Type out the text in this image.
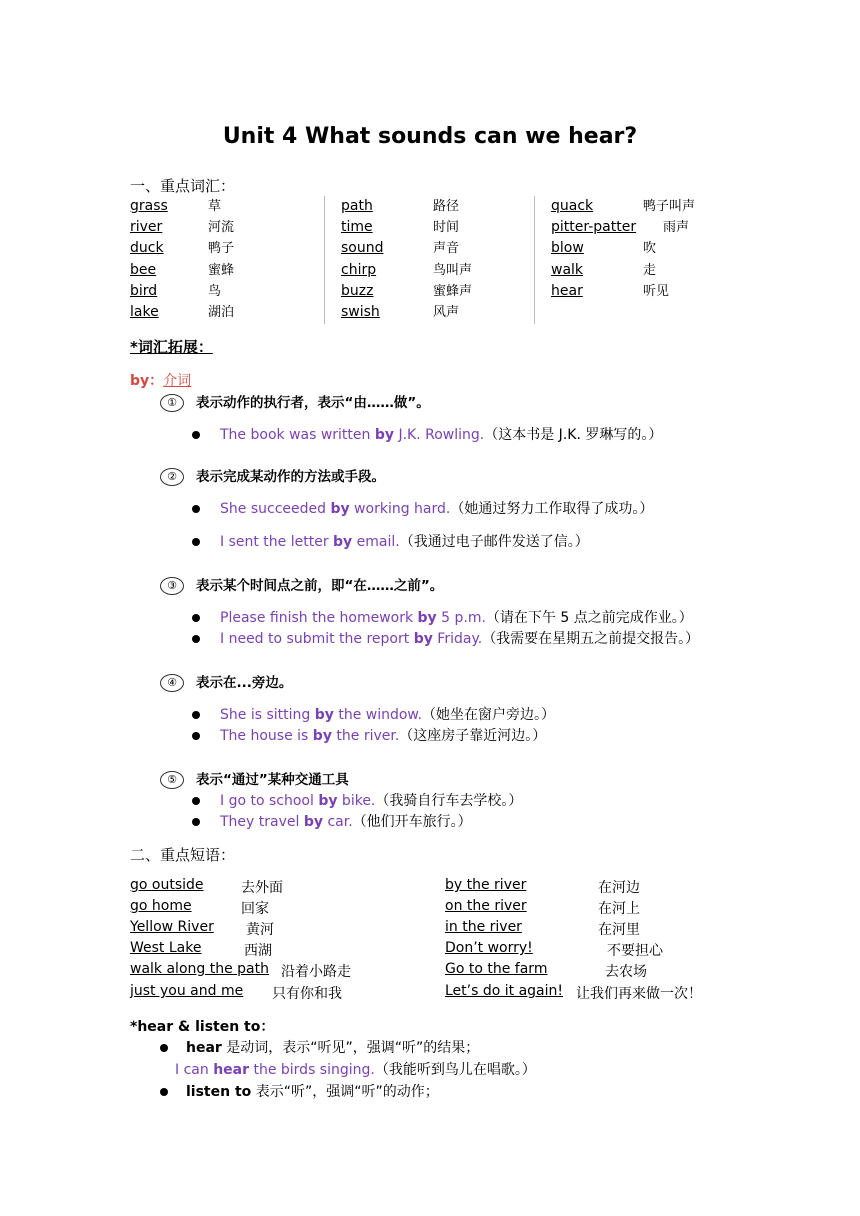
Unit 4 What sounds can we hear?
一、重点词汇：
grass	草
river	河流
duck	鸭子
bee	蜜蜂
bird	鸟
lake	湖泊
path	路径
time	时间
sound	声音
chirp	鸟叫声
buzz	蜜蜂声
swish	风声
quack	鸭子叫声
pitter-patter 雨声
blow	吹
walk	走
hear	听见
*词汇拓展：
by：介词
① 表示动作的执行者，表示“由……做”。
The book was written by J.K. Rowling.（这本书是 J.K. 罗琳写的。）
② 表示完成某动作的方法或手段。
She succeeded by working hard.（她通过努力工作取得了成功。）
I sent the letter by email.（我通过电子邮件发送了信。）
③ 表示某个时间点之前，即“在……之前”。
Please finish the homework by 5 p.m.（请在下午 5 点之前完成作业。）
I need to submit the report by Friday.（我需要在星期五之前提交报告。）
④ 表示在...旁边。
She is sitting by the window.（她坐在窗户旁边。）
The house is by the river.（这座房子靠近河边。）
⑤ 表示“通过”某种交通工具
I go to school by bike.（我骑自行车去学校。）
They travel by car.（他们开车旅行。）
二、重点短语：
go outside	去外面
go home	回家
Yellow River 黄河
West Lake	西湖
walk along the path 沿着小路走
just you and me 只有你和我
by the river	在河边
on the river	在河上
in the river	在河里
Don’t worry!	不要担心
Go to the farm	去农场
Let’s do it again! 让我们再来做一次！
*hear & listen to：
hear 是动词，表示“听见”，强调“听”的结果；
I can hear the birds singing.（我能听到鸟儿在唱歌。）
listen to 表示“听”，强调“听”的动作；
